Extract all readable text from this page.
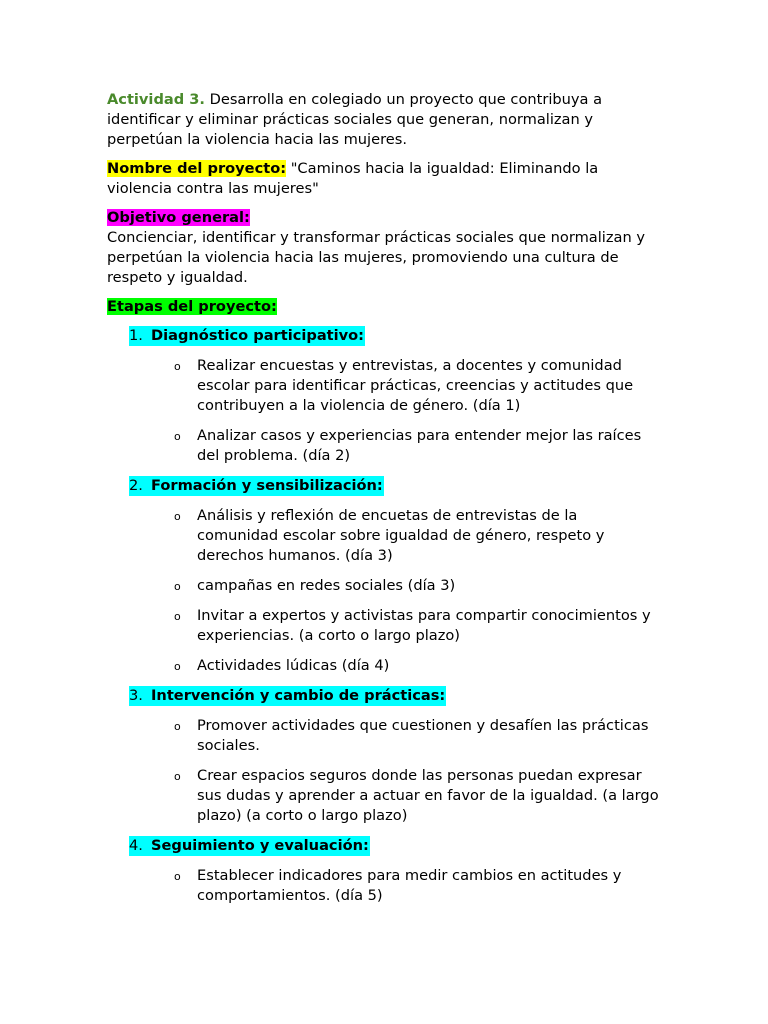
Actividad 3. Desarrolla en colegiado un proyecto que contribuya a identificar y eliminar prácticas sociales que generan, normalizan y perpetúan la violencia hacia las mujeres.

Nombre del proyecto: "Caminos hacia la igualdad: Eliminando la violencia contra las mujeres"

Objetivo general:

Concienciar, identificar y transformar prácticas sociales que normalizan y perpetúan la violencia hacia las mujeres, promoviendo una cultura de respeto y igualdad.

Etapas del proyecto:

1. Diagnóstico participativo:
o Realizar encuestas y entrevistas, a docentes y comunidad escolar para identificar prácticas, creencias y actitudes que contribuyen a la violencia de género. (día 1)
o Analizar casos y experiencias para entender mejor las raíces del problema. (día 2)
2. Formación y sensibilización:
o Análisis y reflexión de encuetas de entrevistas de la comunidad escolar sobre igualdad de género, respeto y derechos humanos. (día 3)
o campañas en redes sociales (día 3)
o Invitar a expertos y activistas para compartir conocimientos y experiencias. (a corto o largo plazo)
o Actividades lúdicas (día 4)
3. Intervención y cambio de prácticas:
o Promover actividades que cuestionen y desafíen las prácticas sociales.
o Crear espacios seguros donde las personas puedan expresar sus dudas y aprender a actuar en favor de la igualdad. (a largo plazo) (a corto o largo plazo)
4. Seguimiento y evaluación:
o Establecer indicadores para medir cambios en actitudes y comportamientos. (día 5)
